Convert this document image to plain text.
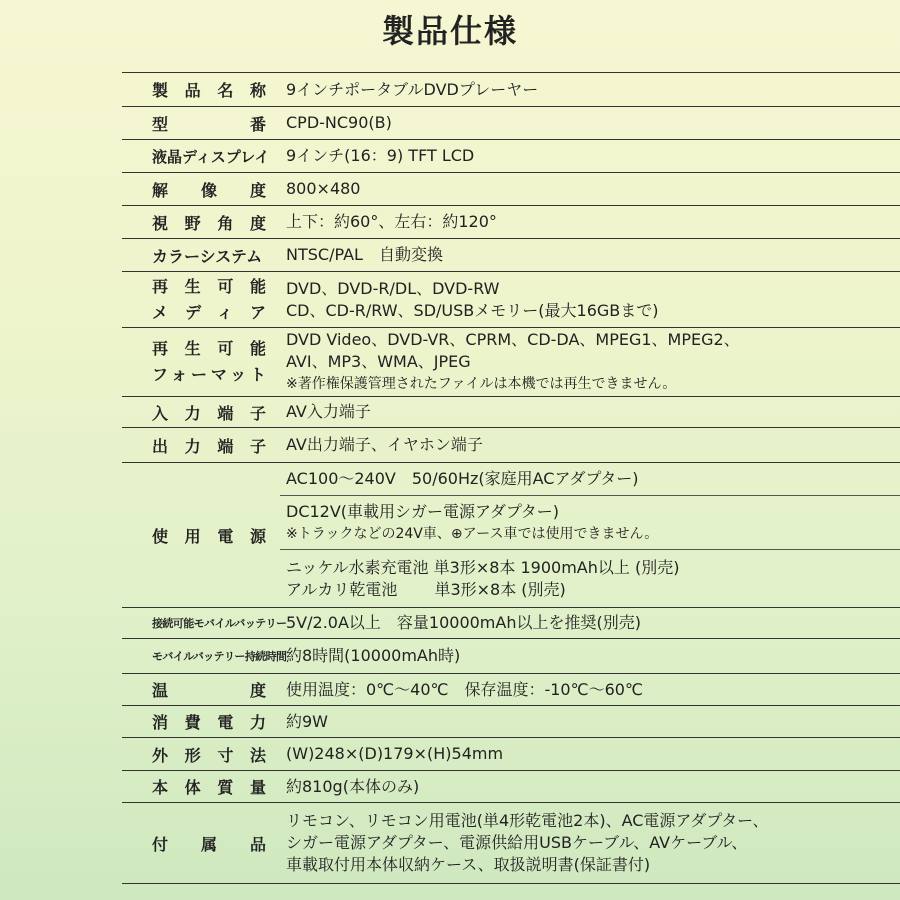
製品仕様
製品名称 9インチポータブルDVDプレーヤー
型番 CPD-NC90(B)
液晶ディスプレイ 9インチ(16：9) TFT LCD
解像度 800×480
視野角度 上下：約60°、左右：約120°
カラーシステム NTSC/PAL　自動変換
再生可能
メディア
DVD、DVD-R/DL、DVD-RW
CD、CD-R/RW、SD/USBメモリー(最大16GBまで)
再生可能
フォーマット
DVD Video、DVD-VR、CPRM、CD-DA、MPEG1、MPEG2、
AVI、MP3、WMA、JPEG
※著作権保護管理されたファイルは本機では再生できません。
入力端子 AV入力端子
出力端子 AV出力端子、イヤホン端子
使用電源
AC100〜240V　50/60Hz(家庭用ACアダプター)
DC12V(車載用シガー電源アダプター)
※トラックなどの24V車、⊕アース車では使用できません。
ニッケル水素充電池 単3形×8本 1900mAh以上 (別売)
アルカリ乾電池　　 単3形×8本 (別売)
接続可能モバイルバッテリー 5V/2.0A以上　容量10000mAh以上を推奨(別売)
モバイルバッテリー持続時間 約8時間(10000mAh時)
温度 使用温度：0℃〜40℃　保存温度：-10℃〜60℃
消費電力 約9W
外形寸法 (W)248×(D)179×(H)54mm
本体質量 約810g(本体のみ)
付属品
リモコン、リモコン用電池(単4形乾電池2本)、AC電源アダプター、
シガー電源アダプター、電源供給用USBケーブル、AVケーブル、
車載取付用本体収納ケース、取扱説明書(保証書付)
